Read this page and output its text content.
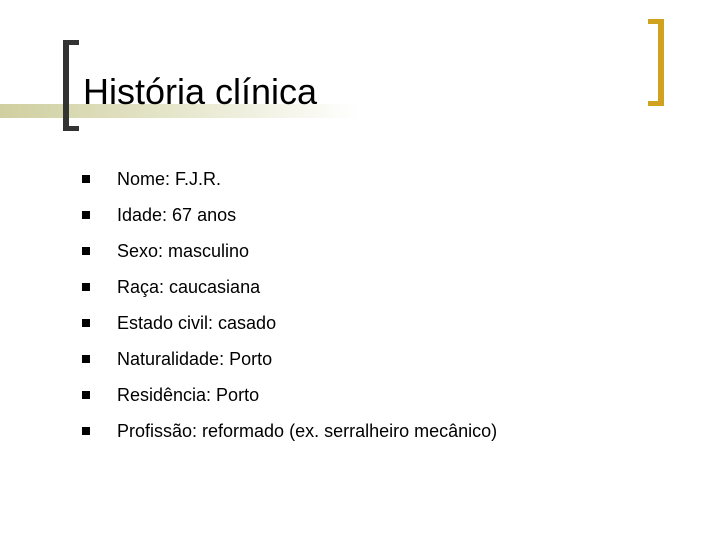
História clínica
Nome: F.J.R.
Idade: 67 anos
Sexo: masculino
Raça: caucasiana
Estado civil: casado
Naturalidade: Porto
Residência: Porto
Profissão: reformado (ex. serralheiro mecânico)
